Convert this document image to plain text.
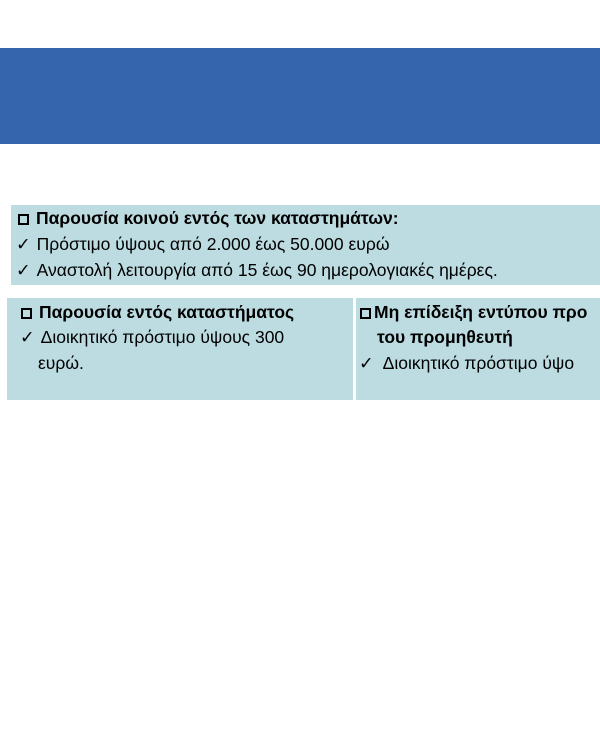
Παρουσία κοινού εντός των καταστημάτων:
✓ Πρόστιμο ύψους από 2.000 έως 50.000 ευρώ
✓ Αναστολή λειτουργία από 15 έως 90 ημερολογιακές ημέρες.
Παρουσία εντός καταστήματος
✓ Διοικητικό πρόστιμο ύψους 300
ευρώ.
Μη επίδειξη εντύπου προ
του προμηθευτή
✓ Διοικητικό πρόστιμο ύψο
